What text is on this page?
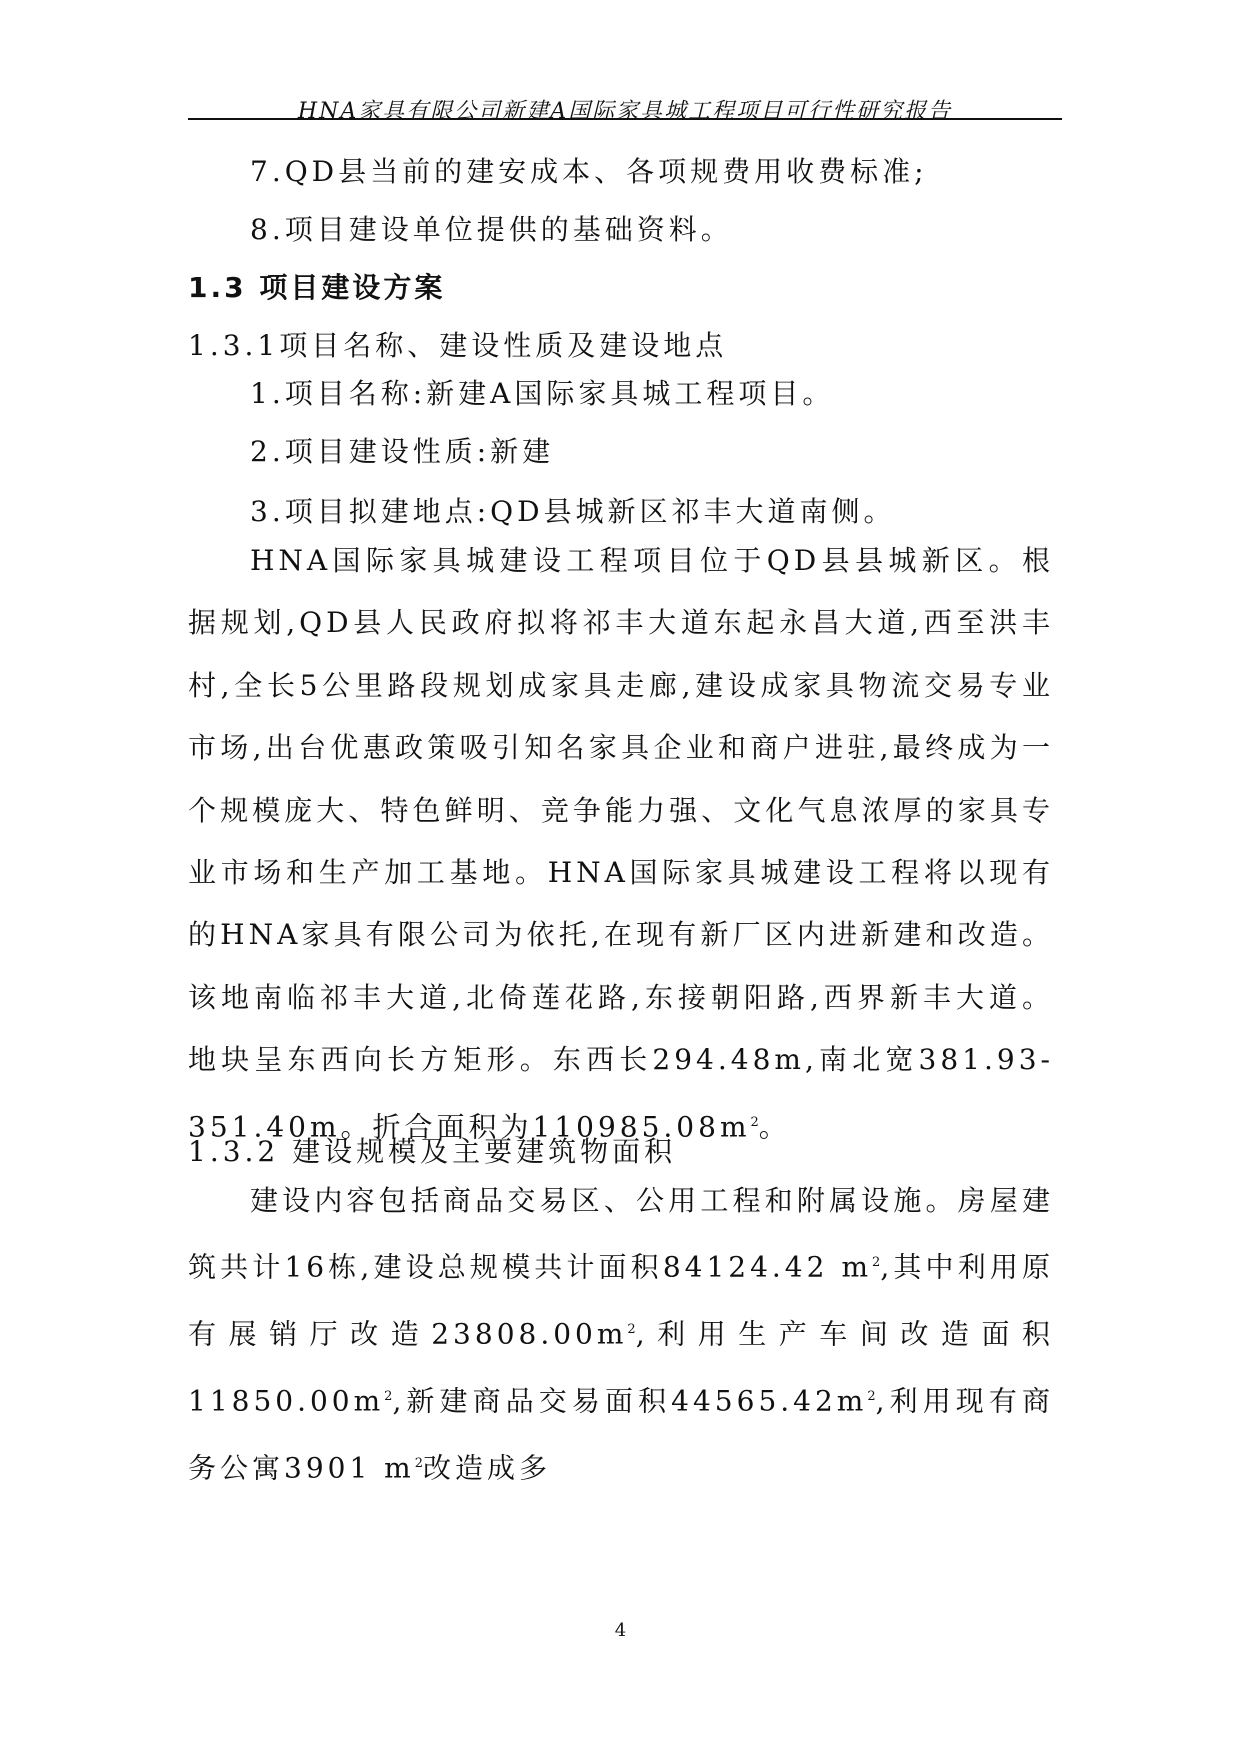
HNA家具有限公司新建A国际家具城工程项目可行性研究报告
7.QD县当前的建安成本、各项规费用收费标准;
8.项目建设单位提供的基础资料。
1.3 项目建设方案
1.3.1项目名称、建设性质及建设地点
1.项目名称:新建A国际家具城工程项目。
2.项目建设性质:新建
3.项目拟建地点:QD县城新区祁丰大道南侧。
HNA国际家具城建设工程项目位于QD县县城新区。根据规划,QD县人民政府拟将祁丰大道东起永昌大道,西至洪丰村,全长5公里路段规划成家具走廊,建设成家具物流交易专业市场,出台优惠政策吸引知名家具企业和商户进驻,最终成为一个规模庞大、特色鲜明、竞争能力强、文化气息浓厚的家具专业市场和生产加工基地。HNA国际家具城建设工程将以现有的HNA家具有限公司为依托,在现有新厂区内进新建和改造。该地南临祁丰大道,北倚莲花路,东接朝阳路,西界新丰大道。地块呈东西向长方矩形。东西长294.48m,南北宽381.93-351.40m。折合面积为$110985.08m^2$。
1.3.2 建设规模及主要建筑物面积
建设内容包括商品交易区、公用工程和附属设施。房屋建筑共计16栋,建设总规模共计面积84124.42 $m^2$,其中利用原有展销厅改造$23808.00m^2$,利用生产车间改造面积$11850.00m^2$,新建商品交易面积$44565.42m^2$,利用现有商务公寓3901 $m^2$改造成多
4
